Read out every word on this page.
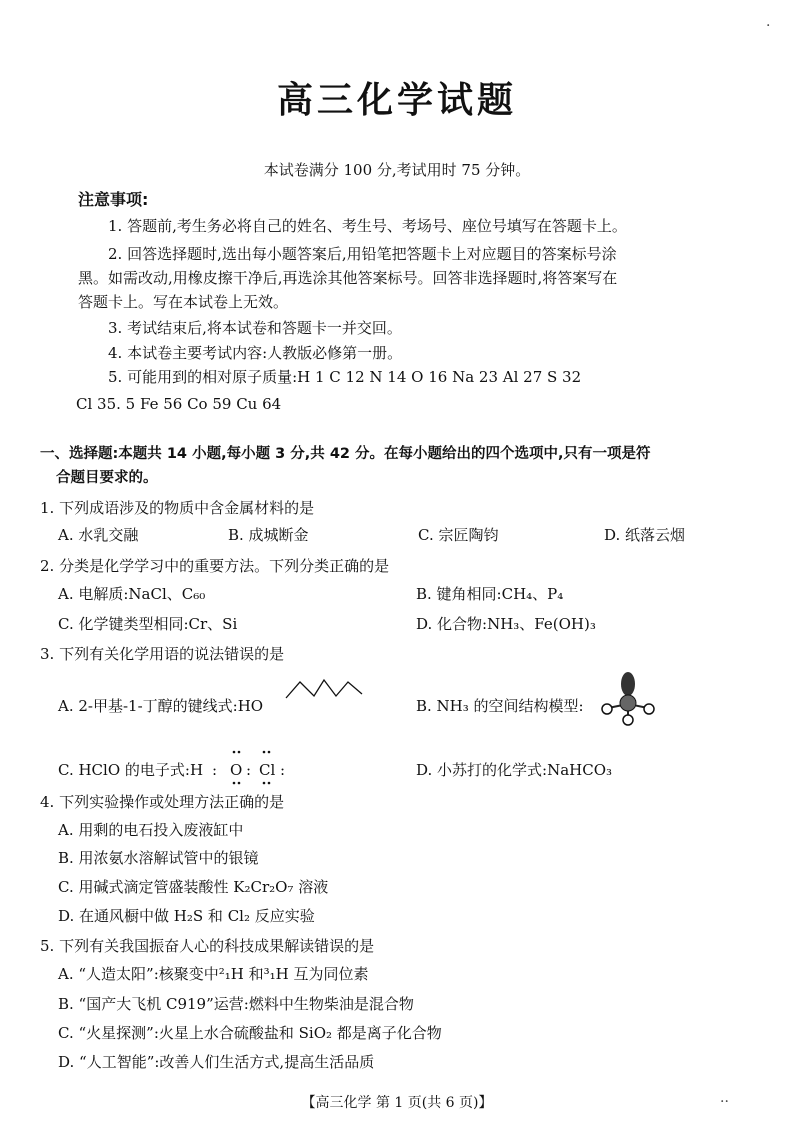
·
高三化学试题
本试卷满分 100 分,考试用时 75 分钟。
注意事项:
1. 答题前,考生务必将自己的姓名、考生号、考场号、座位号填写在答题卡上。
2. 回答选择题时,选出每小题答案后,用铅笔把答题卡上对应题目的答案标号涂
黑。如需改动,用橡皮擦干净后,再选涂其他答案标号。回答非选择题时,将答案写在
答题卡上。写在本试卷上无效。
3. 考试结束后,将本试卷和答题卡一并交回。
4. 本试卷主要考试内容:人教版必修第一册。
5. 可能用到的相对原子质量:H 1 C 12 N 14 O 16 Na 23 Al 27 S 32
Cl 35. 5 Fe 56 Co 59 Cu 64
一、选择题:本题共 14 小题,每小题 3 分,共 42 分。在每小题给出的四个选项中,只有一项是符
合题目要求的。
1. 下列成语涉及的物质中含金属材料的是
A. 水乳交融	B. 成城断金	C. 宗匠陶钧	D. 纸落云烟
2. 分类是化学学习中的重要方法。下列分类正确的是
A. 电解质:NaCl、C₆₀	B. 键角相同:CH₄、P₄
C. 化学键类型相同:Cr、Si	D. 化合物:NH₃、Fe(OH)₃
3. 下列有关化学用语的说法错误的是
A. 2-甲基-1-丁醇的键线式:HO	B. NH₃ 的空间结构模型:
C. HClO 的电子式:H : O : Cl :	D. 小苏打的化学式:NaHCO₃
4. 下列实验操作或处理方法正确的是
A. 用剩的电石投入废液缸中
B. 用浓氨水溶解试管中的银镜
C. 用碱式滴定管盛装酸性 K₂Cr₂O₇ 溶液
D. 在通风橱中做 H₂S 和 Cl₂ 反应实验
5. 下列有关我国振奋人心的科技成果解读错误的是
A. “人造太阳”:核聚变中²₁H 和³₁H 互为同位素
B. “国产大飞机 C919”运营:燃料中生物柴油是混合物
C. “火星探测”:火星上水合硫酸盐和 SiO₂ 都是离子化合物
D. “人工智能”:改善人们生活方式,提高生活品质
【高三化学 第 1 页(共 6 页)】	··
